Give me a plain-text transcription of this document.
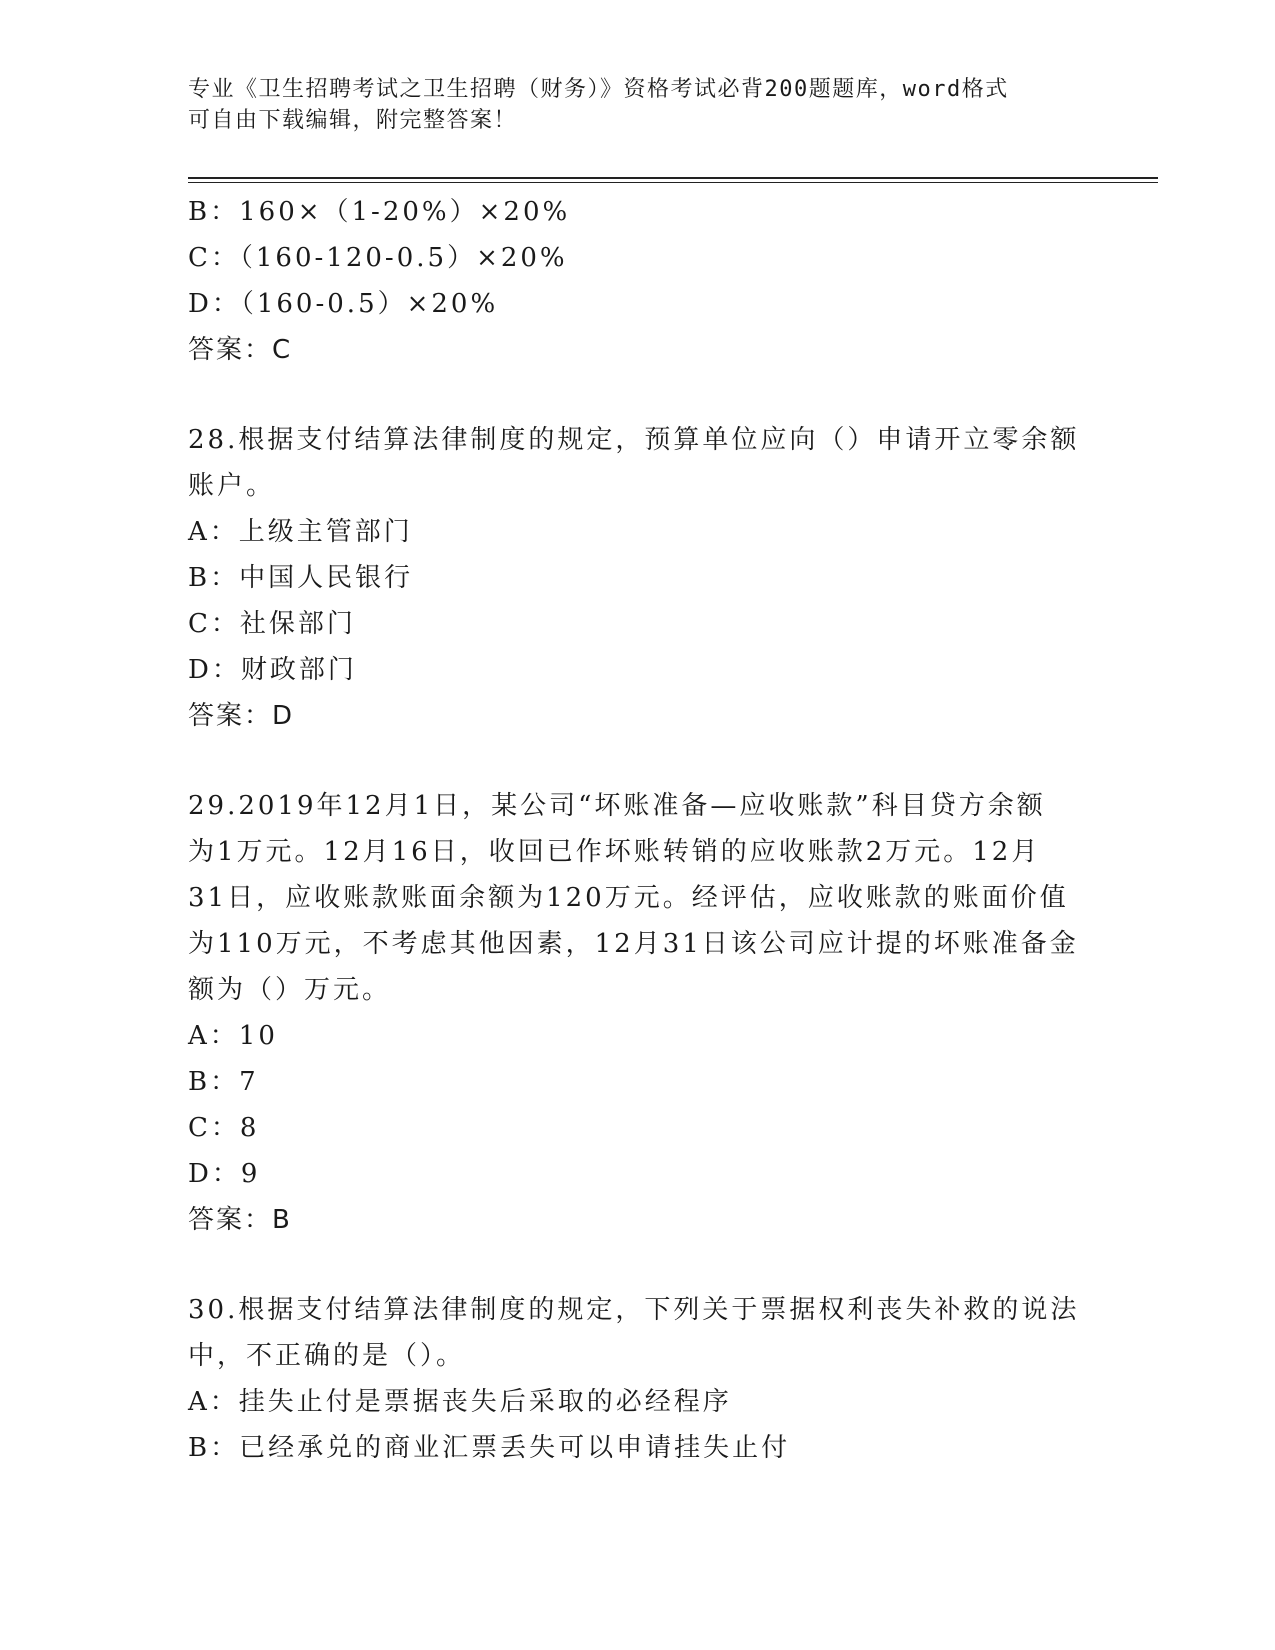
专业《卫生招聘考试之卫生招聘（财务）》资格考试必背200题题库，word格式
可自由下载编辑，附完整答案！
B：160×（1-20%）×20%
C：（160-120-0.5）×20%
D：（160-0.5）×20%
答案：C
28.根据支付结算法律制度的规定，预算单位应向（）申请开立零余额
账户。
A：上级主管部门
B：中国人民银行
C：社保部门
D：财政部门
答案：D
29.2019年12月1日，某公司“坏账准备—应收账款”科目贷方余额
为1万元。12月16日，收回已作坏账转销的应收账款2万元。12月
31日，应收账款账面余额为120万元。经评估，应收账款的账面价值
为110万元，不考虑其他因素，12月31日该公司应计提的坏账准备金
额为（）万元。
A：10
B：7
C：8
D：9
答案：B
30.根据支付结算法律制度的规定，下列关于票据权利丧失补救的说法
中，不正确的是（）。
A：挂失止付是票据丧失后采取的必经程序
B：已经承兑的商业汇票丢失可以申请挂失止付
